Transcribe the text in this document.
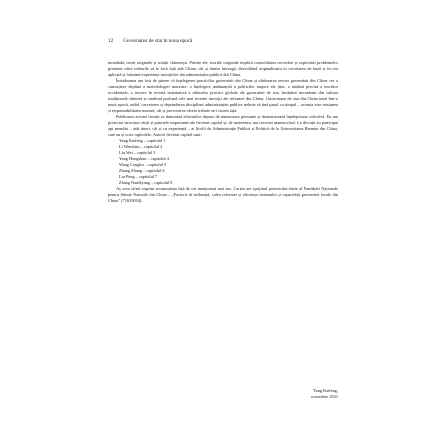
12 Guvernarea de stat în noua epocă

mondială, teorii originale și soluții chinezești. Printre ele, teoriile originale implică consolidarea cercetării și explorării problemelor prezente către treburile să le facă față atât China, cât și lumea întreagă, dezvoltând originalitatea în cercetarea de bază și în cea aplicată și folosind experiența inovațiilor din administrația publică din China.

Întotdeauna am fost de părere că înțelegerea practicilor guvernării din China și elaborarea teoriei guvernării din China cer o cunoaștere deplină a metodologiei marxiste, o înțelegere amănunțită a politicilor majore ale țării, o analiză precisă a teoriilor occidentale, o trecere în revistă sistematică a ultimelor practici globale ale guvernării de stat, învățând necontenit din cultura tradițională chineză și studiind profund cele mai recente inovații ale reformei din China. Guvernarea de stat din China intră într-o nouă epocă, astfel, cercetarea și deprinderea disciplinei administrației publice trebuie să țină pasul cu timpul – aceasta este misiunea și responsabilitatea noastră, cât și provocarea căreia trebuie să-i facem față.

Publicarea acestei lucrări se datorează eforturilor depuse de numeroase persoane și demonstrează înțelepciune colectivă. Eu am proiectat structura cărții și punctele importante ale fiecărui capitol și, de asemenea, am corectat manuscrisul. La discuții au participat opt membri – atât tineri, cât și cu experiență – ai Școlii de Administrație Publică și Politică de la Universitatea Renmin din China, care au și scris capitolele. Autorii fiecărui capitol sunt:

Yang Kaifeng – capitolul 1
Li Wenzhao – capitolul 2
Liu Wei – capitolul 3
Yang Hongshan – capitolul 4
Wang Conghu – capitolul 5
Zhang Zhang – capitolul 6
Liu Peng – capitolul 7
Zhang Nandiyang – capitolul 8

Aș vrea să-mi exprim recunoștința față de cei menționați mai sus. Cartea are sprijinul proiectului-cheie al Fundației Naționale pentru Științe Naturale din China – „Factorii de influență, calea reformei și eficiența sistemului și capacității guvernării locale din China” (71633004).

Yang Kaifeng,
octombrie 2021
